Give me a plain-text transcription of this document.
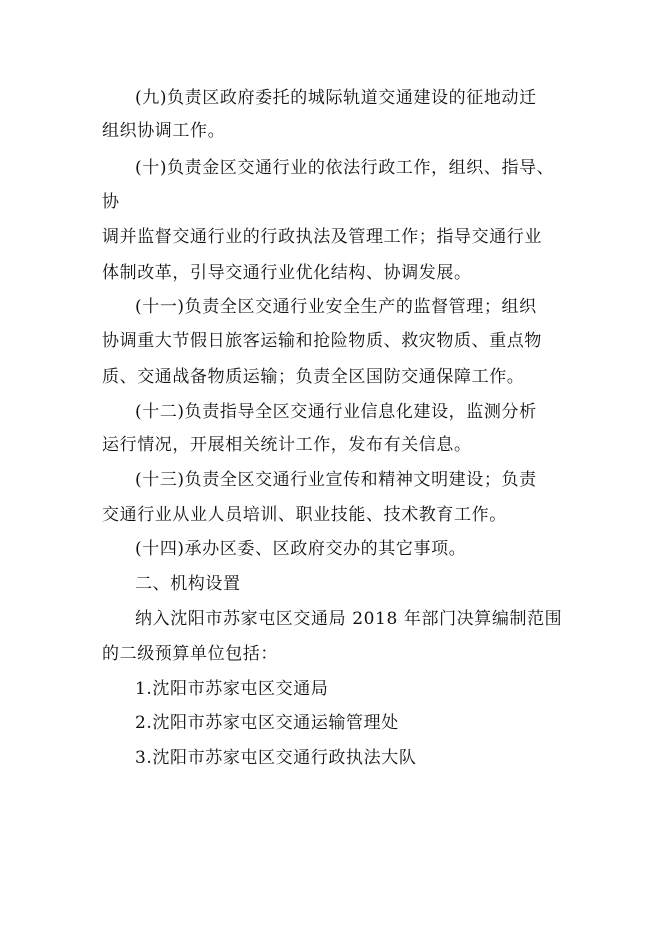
(九)负责区政府委托的城际轨道交通建设的征地动迁
组织协调工作。
(十)负责金区交通行业的依法行政工作，组织、指导、
协
调并监督交通行业的行政执法及管理工作；指导交通行业
体制改革，引导交通行业优化结构、协调发展。
(十一)负责全区交通行业安全生产的监督管理；组织
协调重大节假日旅客运输和抢险物质、救灾物质、重点物
质、交通战备物质运输；负责全区国防交通保障工作。
(十二)负责指导全区交通行业信息化建设，监测分析
运行情况，开展相关统计工作，发布有关信息。
(十三)负责全区交通行业宣传和精神文明建设；负责
交通行业从业人员培训、职业技能、技术教育工作。
(十四)承办区委、区政府交办的其它事项。
二、机构设置
纳入沈阳市苏家屯区交通局 2018 年部门决算编制范围
的二级预算单位包括：
1.沈阳市苏家屯区交通局
2.沈阳市苏家屯区交通运输管理处
3.沈阳市苏家屯区交通行政执法大队
